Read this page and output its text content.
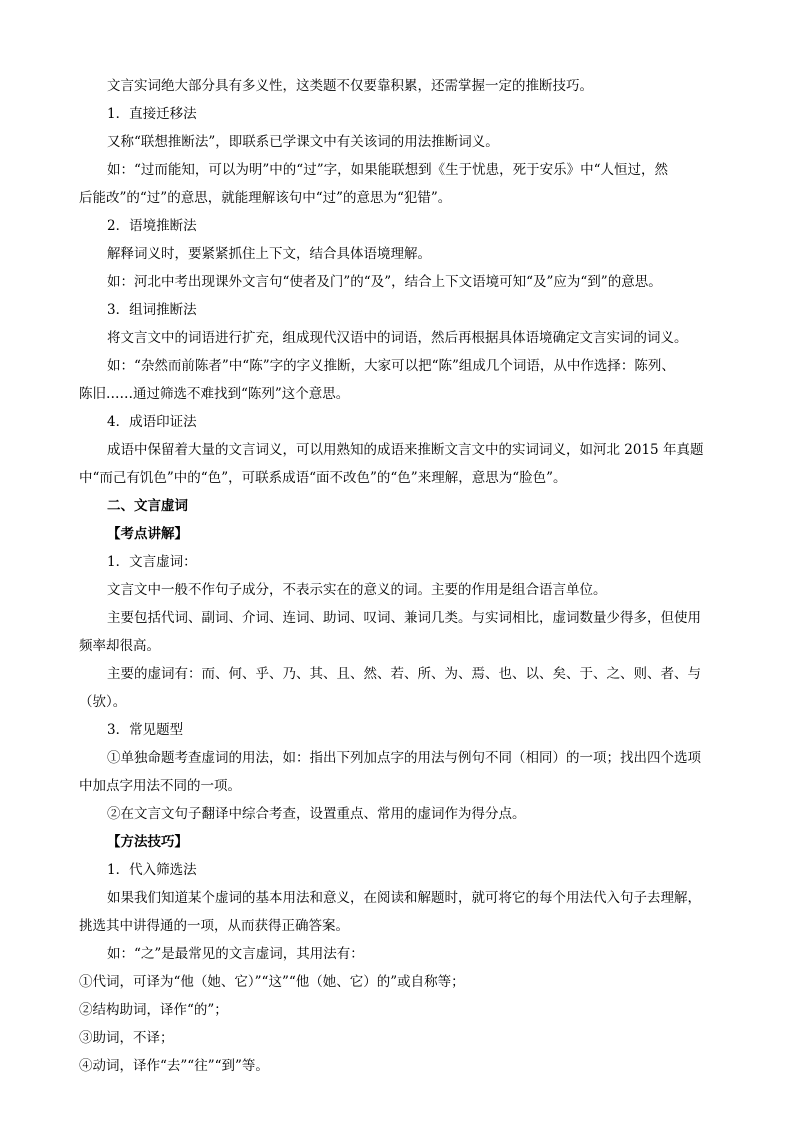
文言实词绝大部分具有多义性，这类题不仅要靠积累，还需掌握一定的推断技巧。

1．直接迁移法

又称“联想推断法”，即联系已学课文中有关该词的用法推断词义。

如：“过而能知，可以为明”中的“过”字，如果能联想到《生于忧患，死于安乐》中“人恒过，然

后能改”的“过”的意思，就能理解该句中“过”的意思为“犯错”。

2．语境推断法

解释词义时，要紧紧抓住上下文，结合具体语境理解。

如：河北中考出现课外文言句“使者及门”的“及”，结合上下文语境可知“及”应为“到”的意思。

3．组词推断法

将文言文中的词语进行扩充，组成现代汉语中的词语，然后再根据具体语境确定文言实词的词义。

如：“杂然而前陈者”中“陈”字的字义推断，大家可以把“陈”组成几个词语，从中作选择：陈列、

陈旧……通过筛选不难找到“陈列”这个意思。

4．成语印证法

成语中保留着大量的文言词义，可以用熟知的成语来推断文言文中的实词词义，如河北 2015 年真题

中“而己有饥色”中的“色”，可联系成语“面不改色”的“色”来理解，意思为“脸色”。

二、文言虚词

【考点讲解】

1．文言虚词：

文言文中一般不作句子成分，不表示实在的意义的词。主要的作用是组合语言单位。

主要包括代词、副词、介词、连词、助词、叹词、兼词几类。与实词相比，虚词数量少得多，但使用

频率却很高。

主要的虚词有：而、何、乎、乃、其、且、然、若、所、为、焉、也、以、矣、于、之、则、者、与

（欤）。

3．常见题型

①单独命题考查虚词的用法，如：指出下列加点字的用法与例句不同（相同）的一项；找出四个选项

中加点字用法不同的一项。

②在文言文句子翻译中综合考查，设置重点、常用的虚词作为得分点。

【方法技巧】

1．代入筛选法

如果我们知道某个虚词的基本用法和意义，在阅读和解题时，就可将它的每个用法代入句子去理解，

挑选其中讲得通的一项，从而获得正确答案。

如：“之”是最常见的文言虚词，其用法有：

①代词，可译为“他（她、它）”“这”“他（她、它）的”或自称等；

②结构助词，译作“的”；

③助词，不译；

④动词，译作“去”“往”“到”等。
